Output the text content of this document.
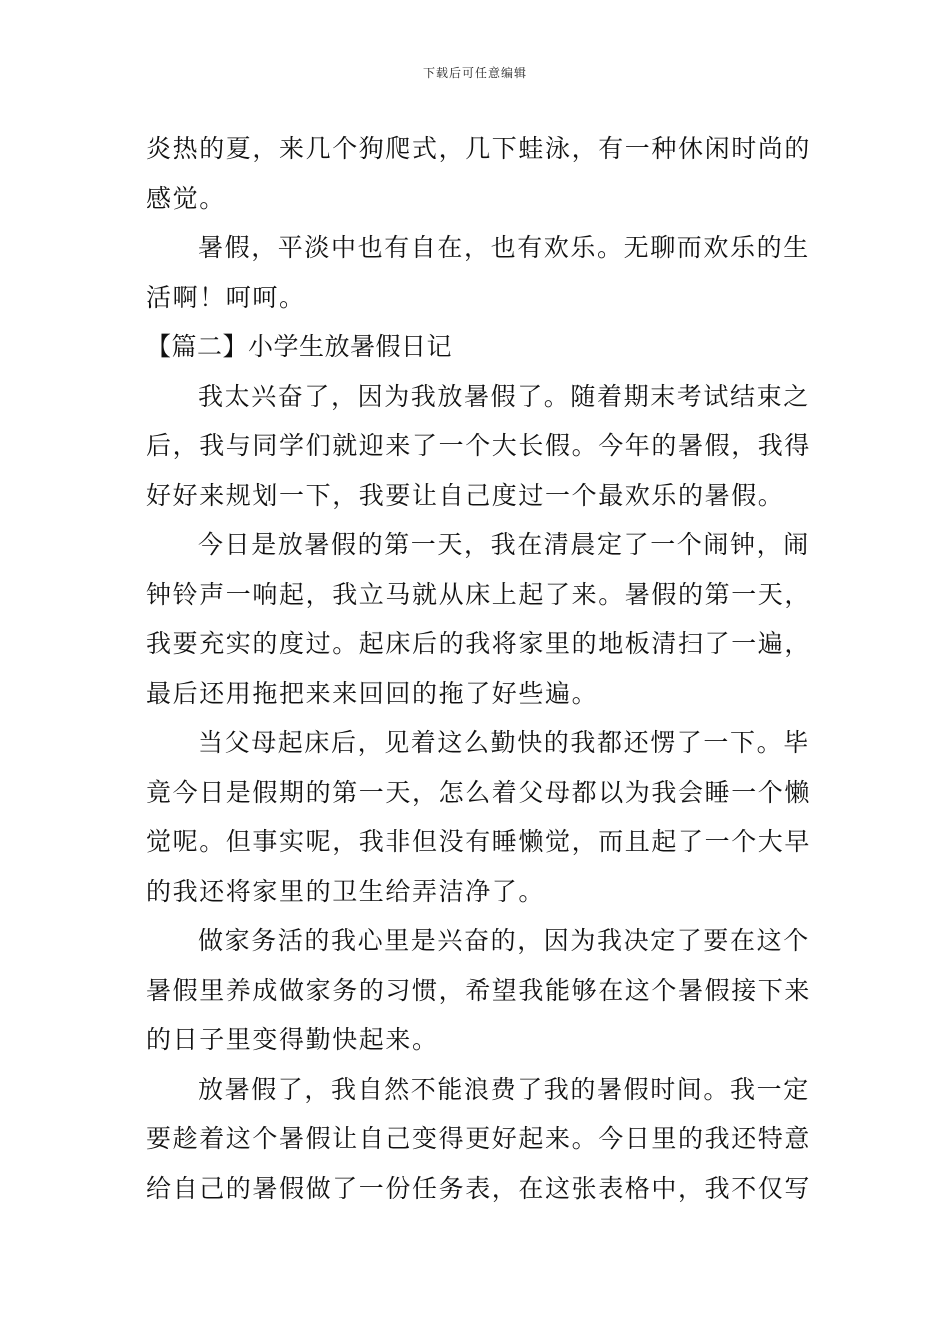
下载后可任意编辑
炎热的夏，来几个狗爬式，几下蛙泳，有一种休闲时尚的
感觉。
暑假，平淡中也有自在，也有欢乐。无聊而欢乐的生
活啊！呵呵。
【篇二】小学生放暑假日记
我太兴奋了，因为我放暑假了。随着期末考试结束之
后，我与同学们就迎来了一个大长假。今年的暑假，我得
好好来规划一下，我要让自己度过一个最欢乐的暑假。
今日是放暑假的第一天，我在清晨定了一个闹钟，闹
钟铃声一响起，我立马就从床上起了来。暑假的第一天，
我要充实的度过。起床后的我将家里的地板清扫了一遍，
最后还用拖把来来回回的拖了好些遍。
当父母起床后，见着这么勤快的我都还愣了一下。毕
竟今日是假期的第一天，怎么着父母都以为我会睡一个懒
觉呢。但事实呢，我非但没有睡懒觉，而且起了一个大早
的我还将家里的卫生给弄洁净了。
做家务活的我心里是兴奋的，因为我决定了要在这个
暑假里养成做家务的习惯，希望我能够在这个暑假接下来
的日子里变得勤快起来。
放暑假了，我自然不能浪费了我的暑假时间。我一定
要趁着这个暑假让自己变得更好起来。今日里的我还特意
给自己的暑假做了一份任务表，在这张表格中，我不仅写
